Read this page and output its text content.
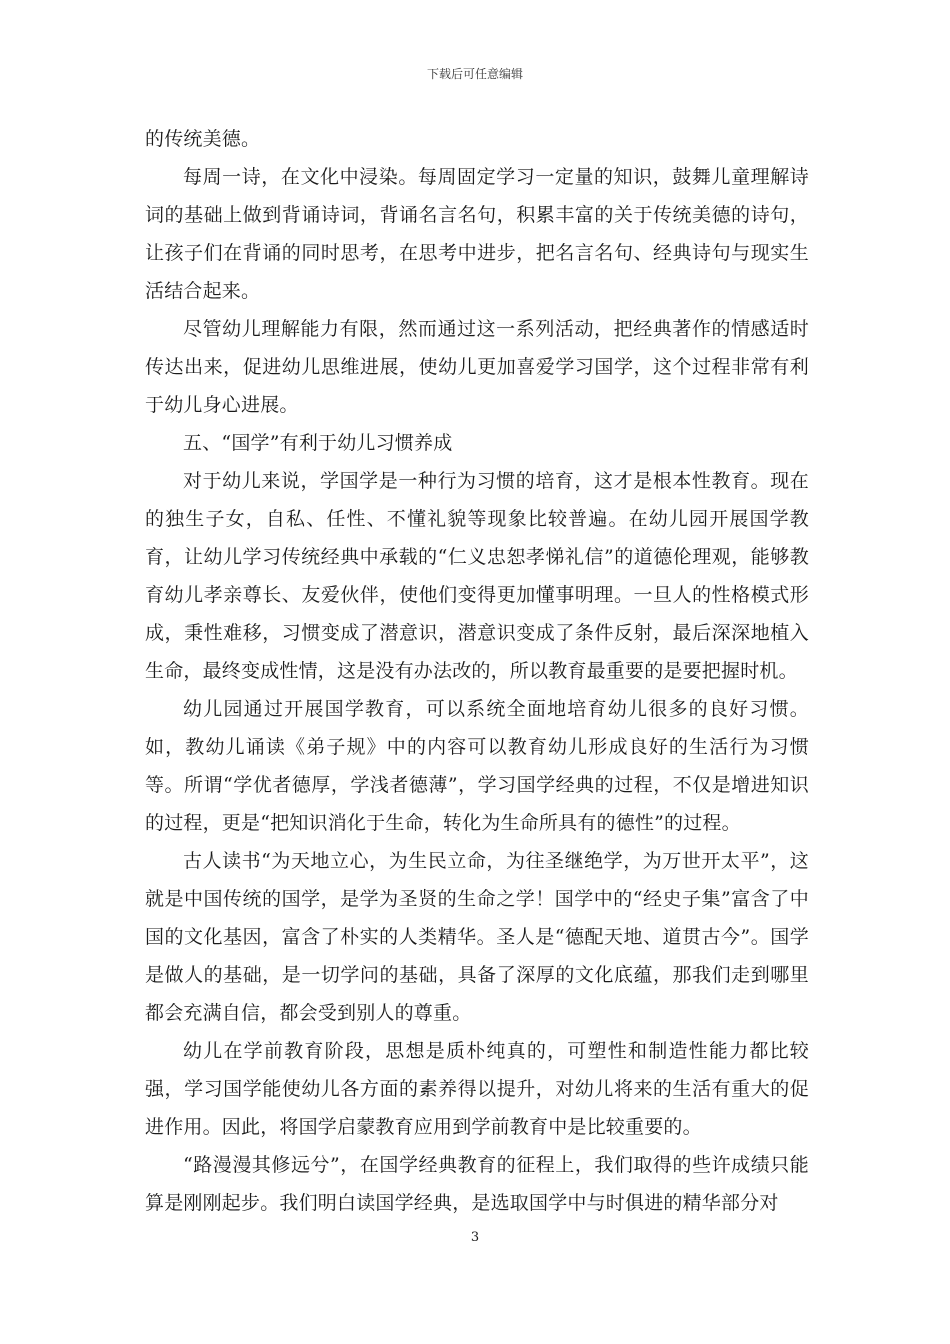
下载后可任意编辑

的传统美德。

每周一诗，在文化中浸染。每周固定学习一定量的知识，鼓舞儿童理解诗词的基础上做到背诵诗词，背诵名言名句，积累丰富的关于传统美德的诗句，让孩子们在背诵的同时思考，在思考中进步，把名言名句、经典诗句与现实生活结合起来。

尽管幼儿理解能力有限，然而通过这一系列活动，把经典著作的情感适时传达出来，促进幼儿思维进展，使幼儿更加喜爱学习国学，这个过程非常有利于幼儿身心进展。

五、“国学”有利于幼儿习惯养成

对于幼儿来说，学国学是一种行为习惯的培育，这才是根本性教育。现在的独生子女，自私、任性、不懂礼貌等现象比较普遍。在幼儿园开展国学教育，让幼儿学习传统经典中承载的“仁义忠恕孝悌礼信”的道德伦理观，能够教育幼儿孝亲尊长、友爱伙伴，使他们变得更加懂事明理。一旦人的性格模式形成，秉性难移，习惯变成了潜意识，潜意识变成了条件反射，最后深深地植入生命，最终变成性情，这是没有办法改的，所以教育最重要的是要把握时机。

幼儿园通过开展国学教育，可以系统全面地培育幼儿很多的良好习惯。如，教幼儿诵读《弟子规》中的内容可以教育幼儿形成良好的生活行为习惯等。所谓“学优者德厚，学浅者德薄”，学习国学经典的过程，不仅是增进知识的过程，更是“把知识消化于生命，转化为生命所具有的德性”的过程。

古人读书“为天地立心，为生民立命，为往圣继绝学，为万世开太平”，这就是中国传统的国学，是学为圣贤的生命之学！国学中的“经史子集”富含了中国的文化基因，富含了朴实的人类精华。圣人是“德配天地、道贯古今”。国学是做人的基础，是一切学问的基础，具备了深厚的文化底蕴，那我们走到哪里都会充满自信，都会受到别人的尊重。

幼儿在学前教育阶段，思想是质朴纯真的，可塑性和制造性能力都比较强，学习国学能使幼儿各方面的素养得以提升，对幼儿将来的生活有重大的促进作用。因此，将国学启蒙教育应用到学前教育中是比较重要的。

“路漫漫其修远兮”，在国学经典教育的征程上，我们取得的些许成绩只能算是刚刚起步。我们明白读国学经典，是选取国学中与时俱进的精华部分对

3
